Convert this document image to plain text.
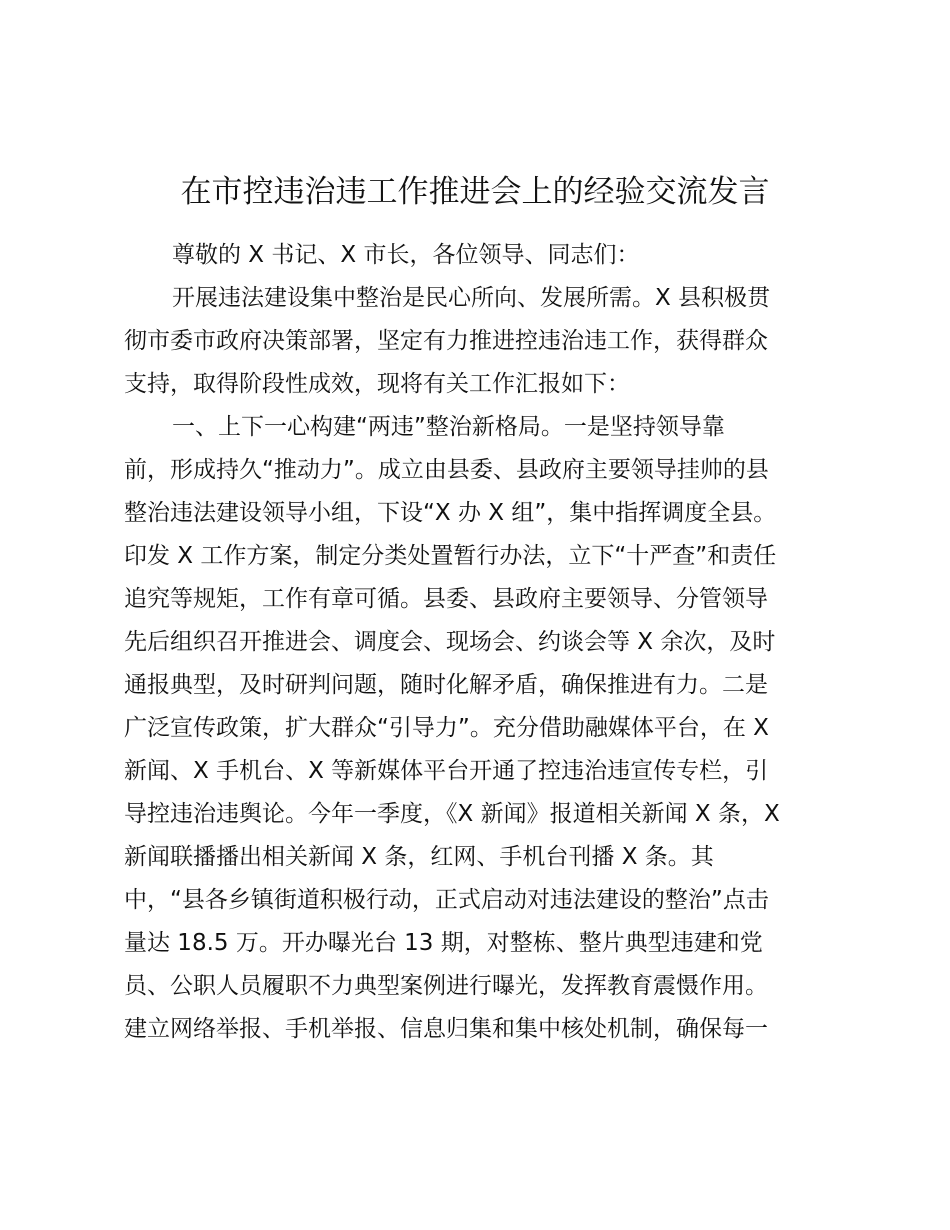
在市控违治违工作推进会上的经验交流发言
尊敬的 X 书记、X 市长，各位领导、同志们：
开展违法建设集中整治是民心所向、发展所需。X 县积极贯
彻市委市政府决策部署，坚定有力推进控违治违工作，获得群众
支持，取得阶段性成效，现将有关工作汇报如下：
一、上下一心构建“两违”整治新格局。一是坚持领导靠
前，形成持久“推动力”。成立由县委、县政府主要领导挂帅的县
整治违法建设领导小组，下设“X 办 X 组”，集中指挥调度全县。
印发 X 工作方案，制定分类处置暂行办法，立下“十严查”和责任
追究等规矩，工作有章可循。县委、县政府主要领导、分管领导
先后组织召开推进会、调度会、现场会、约谈会等 X 余次，及时
通报典型，及时研判问题，随时化解矛盾，确保推进有力。二是
广泛宣传政策，扩大群众“引导力”。充分借助融媒体平台，在 X
新闻、X 手机台、X 等新媒体平台开通了控违治违宣传专栏，引
导控违治违舆论。今年一季度，《X 新闻》报道相关新闻 X 条，X
新闻联播播出相关新闻 X 条，红网、手机台刊播 X 条。其
中，“县各乡镇街道积极行动，正式启动对违法建设的整治”点击
量达 18.5 万。开办曝光台 13 期，对整栋、整片典型违建和党
员、公职人员履职不力典型案例进行曝光，发挥教育震慑作用。
建立网络举报、手机举报、信息归集和集中核处机制，确保每一
